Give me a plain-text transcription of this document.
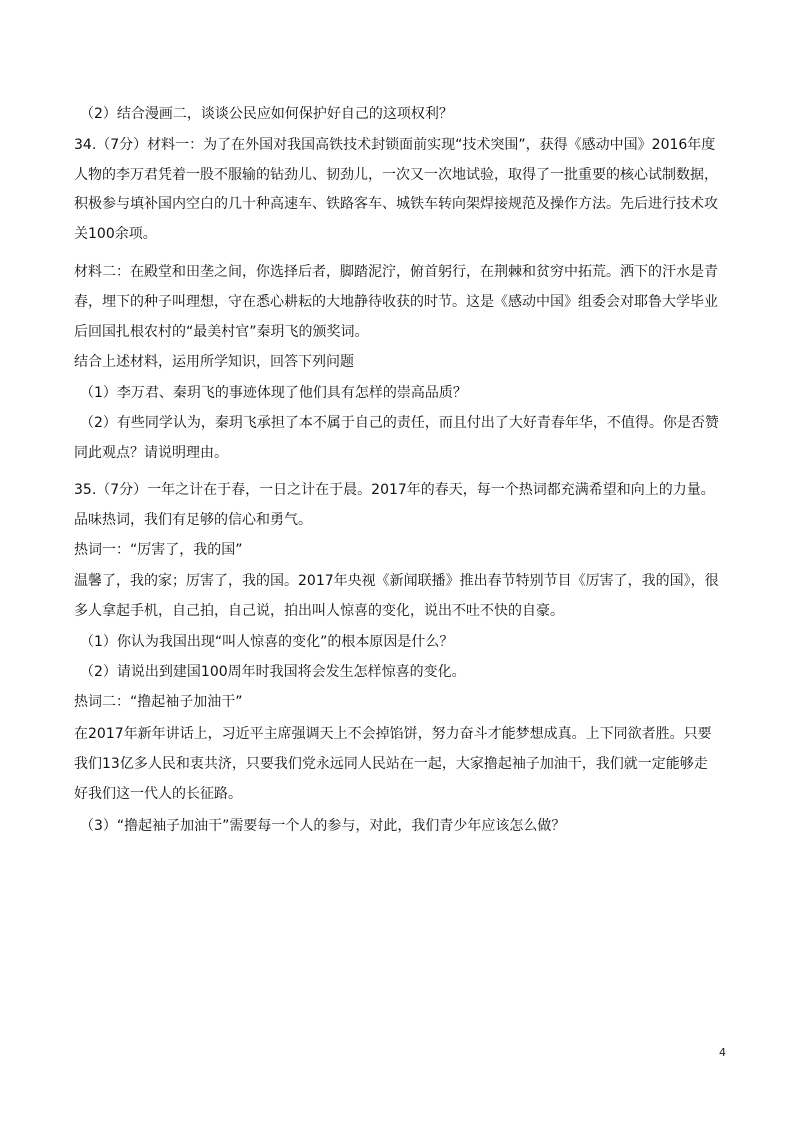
（2）结合漫画二，谈谈公民应如何保护好自己的这项权利？
34.（7分）材料一：为了在外国对我国高铁技术封锁面前实现“技术突围”，获得《感动中国》2016年度
人物的李万君凭着一股不服输的钻劲儿、韧劲儿，一次又一次地试验，取得了一批重要的核心试制数据，
积极参与填补国内空白的几十种高速车、铁路客车、城铁车转向架焊接规范及操作方法。先后进行技术攻
关100余项。
材料二：在殿堂和田垄之间，你选择后者，脚踏泥泞，俯首躬行，在荆棘和贫穷中拓荒。洒下的汗水是青
春，埋下的种子叫理想，守在悉心耕耘的大地静待收获的时节。这是《感动中国》组委会对耶鲁大学毕业
后回国扎根农村的“最美村官”秦玥飞的颁奖词。
结合上述材料，运用所学知识，回答下列问题
（1）李万君、秦玥飞的事迹体现了他们具有怎样的崇高品质？
（2）有些同学认为，秦玥飞承担了本不属于自己的责任，而且付出了大好青春年华，不值得。你是否赞
同此观点？请说明理由。
35.（7分）一年之计在于春，一日之计在于晨。2017年的春天，每一个热词都充满希望和向上的力量。
品味热词，我们有足够的信心和勇气。
热词一：“厉害了，我的国”
温馨了，我的家；厉害了，我的国。2017年央视《新闻联播》推出春节特别节目《厉害了，我的国》，很
多人拿起手机，自己拍，自己说，拍出叫人惊喜的变化，说出不吐不快的自豪。
（1）你认为我国出现“叫人惊喜的变化”的根本原因是什么？
（2）请说出到建国100周年时我国将会发生怎样惊喜的变化。
热词二：“撸起袖子加油干”
在2017年新年讲话上，习近平主席强调天上不会掉馅饼，努力奋斗才能梦想成真。上下同欲者胜。只要
我们13亿多人民和衷共济，只要我们党永远同人民站在一起，大家撸起袖子加油干，我们就一定能够走
好我们这一代人的长征路。
（3）“撸起袖子加油干”需要每一个人的参与，对此，我们青少年应该怎么做？
4
